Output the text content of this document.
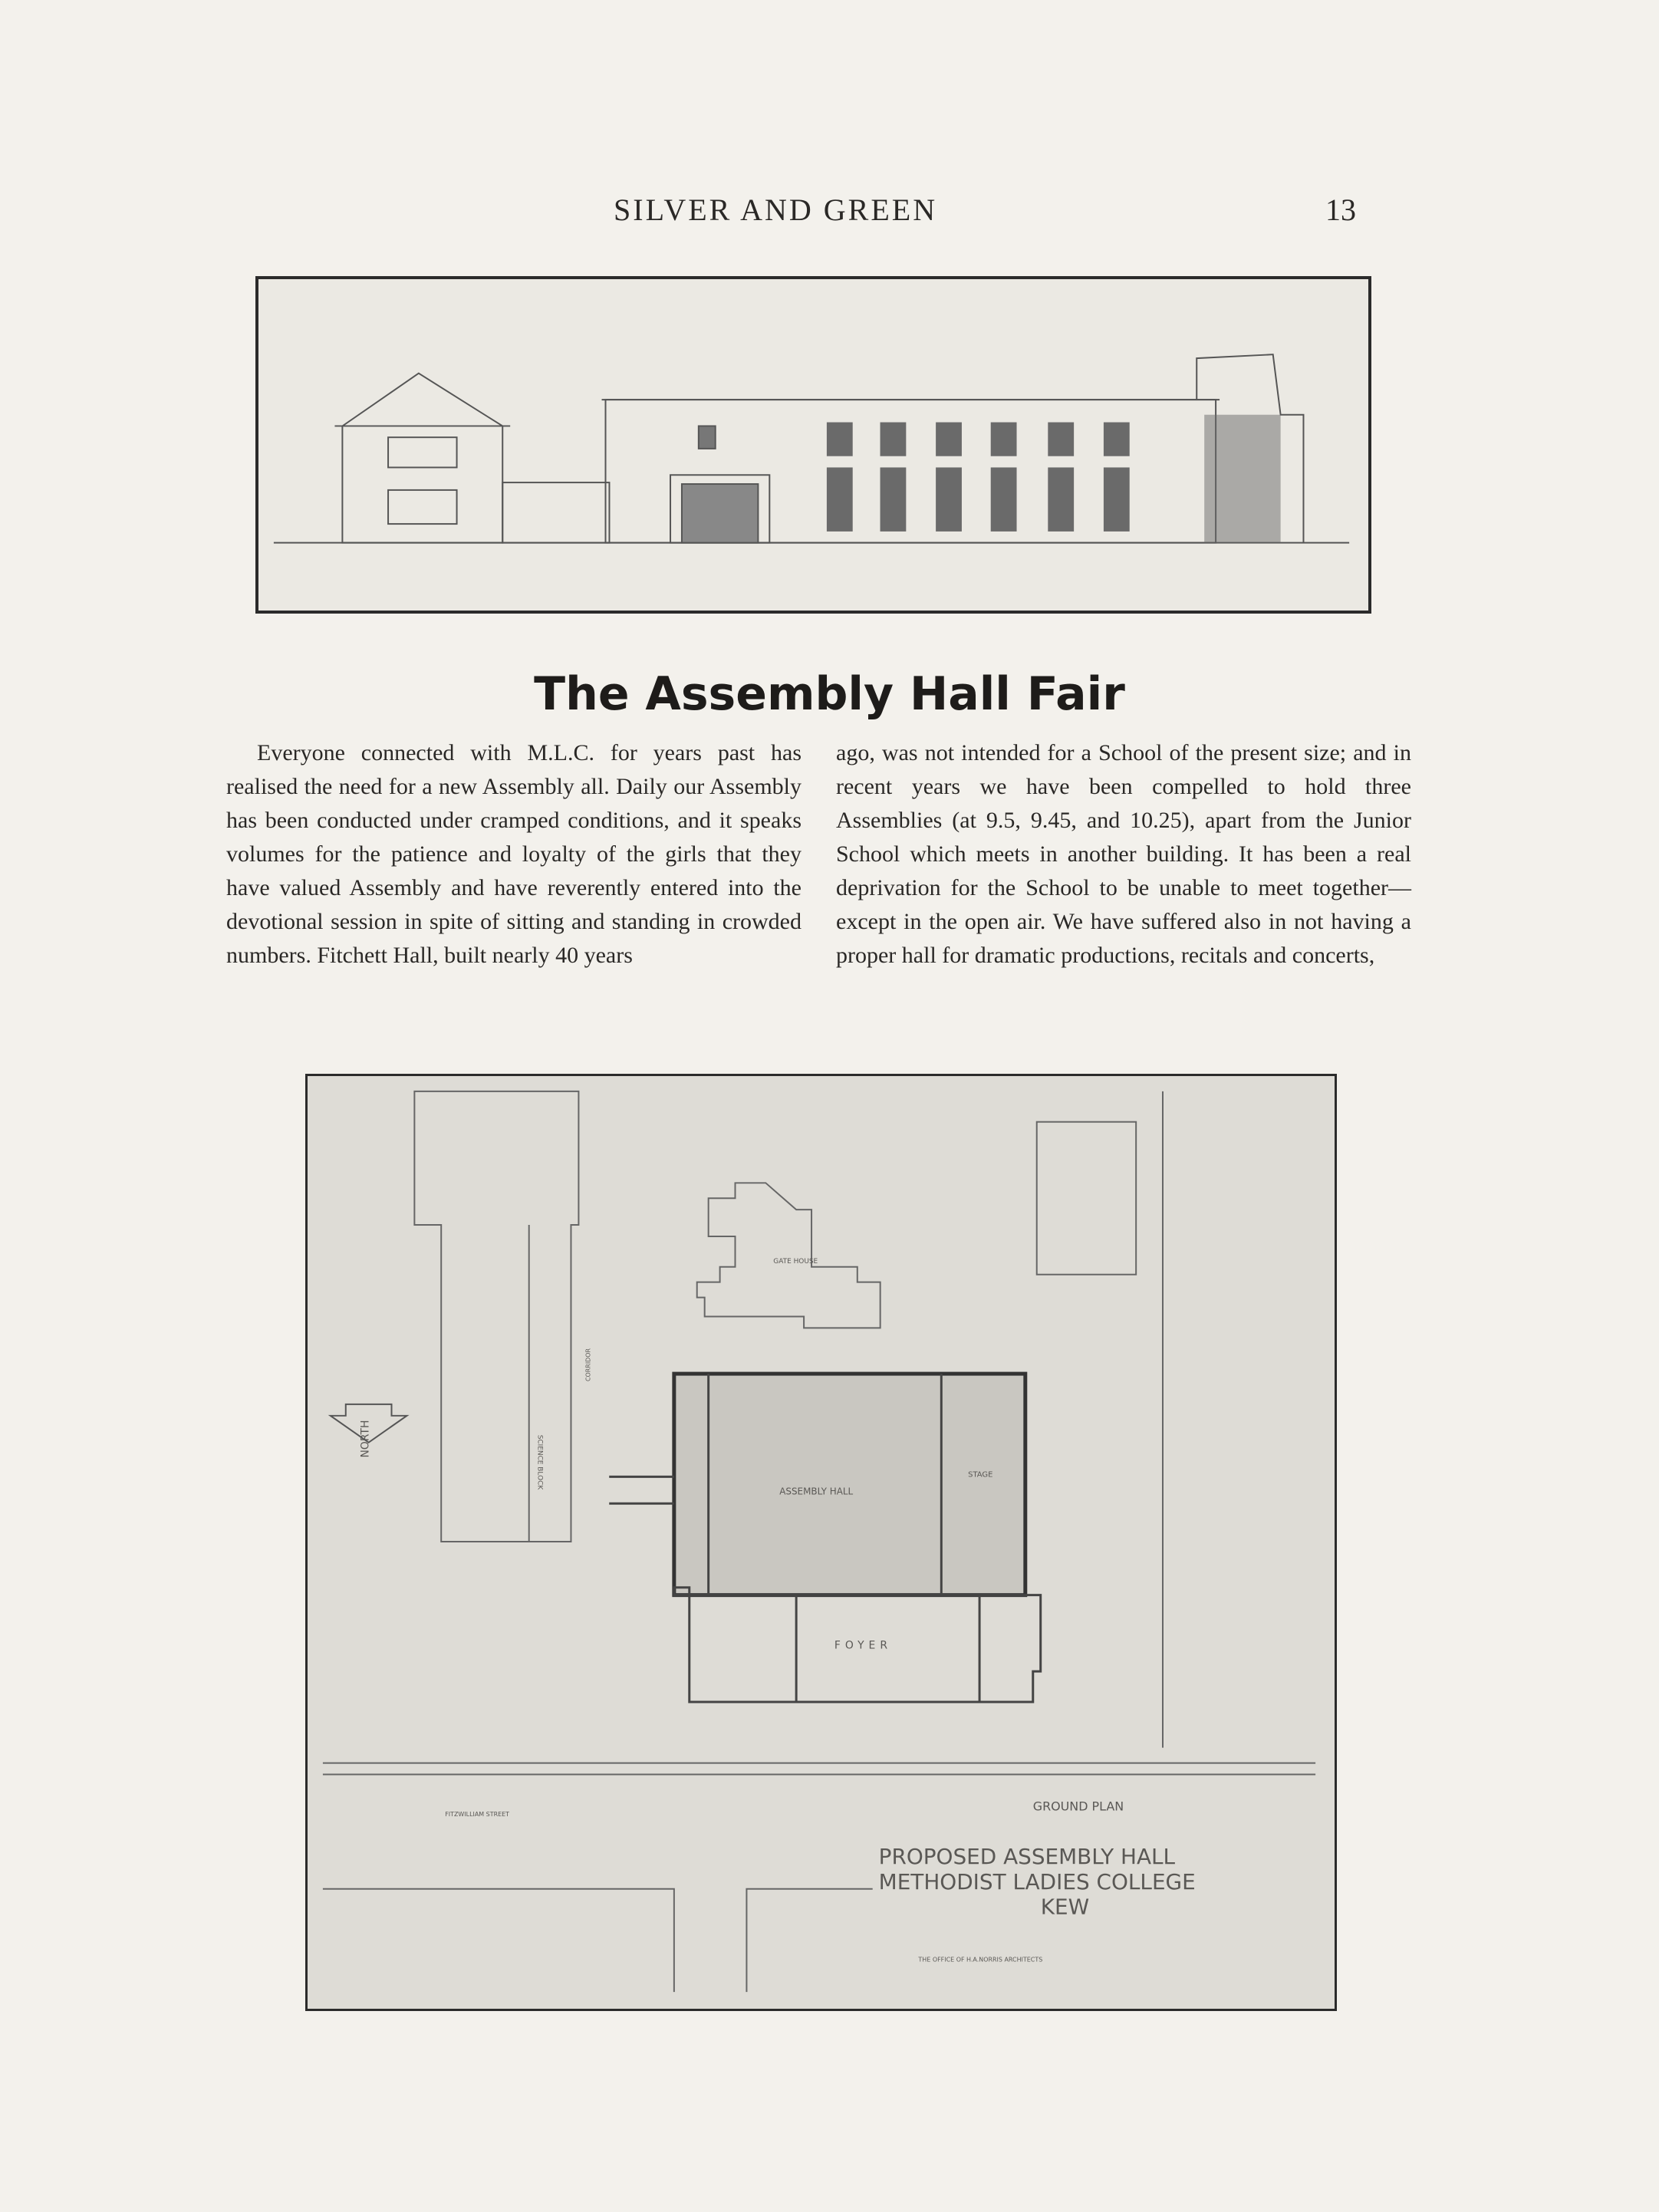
SILVER AND GREEN	13
The Assembly Hall Fair

Everyone connected with M.L.C. for years past has realised the need for a new Assembly all. Daily our Assembly has been conducted under cramped conditions, and it speaks volumes for the patience and loyalty of the girls that they have valued Assembly and have reverently entered into the devotional session in spite of sitting and standing in crowded numbers. Fitchett Hall, built nearly 40 years

ago, was not intended for a School of the present size; and in recent years we have been compelled to hold three Assemblies (at 9.5, 9.45, and 10.25), apart from the Junior School which meets in another building. It has been a real deprivation for the School to be unable to meet together—except in the open air. We have suffered also in not having a proper hall for dramatic productions, recitals and concerts,

GATE HOUSE
ASSEMBLY HALL
STAGE
FOYER
GROUND PLAN
FITZWILLIAM STREET
PROPOSED ASSEMBLY HALL
METHODIST LADIES COLLEGE
KEW
THE OFFICE OF H.A.NORRIS ARCHITECTS
SCIENCE BLOCK
CORRIDOR
NORTH
